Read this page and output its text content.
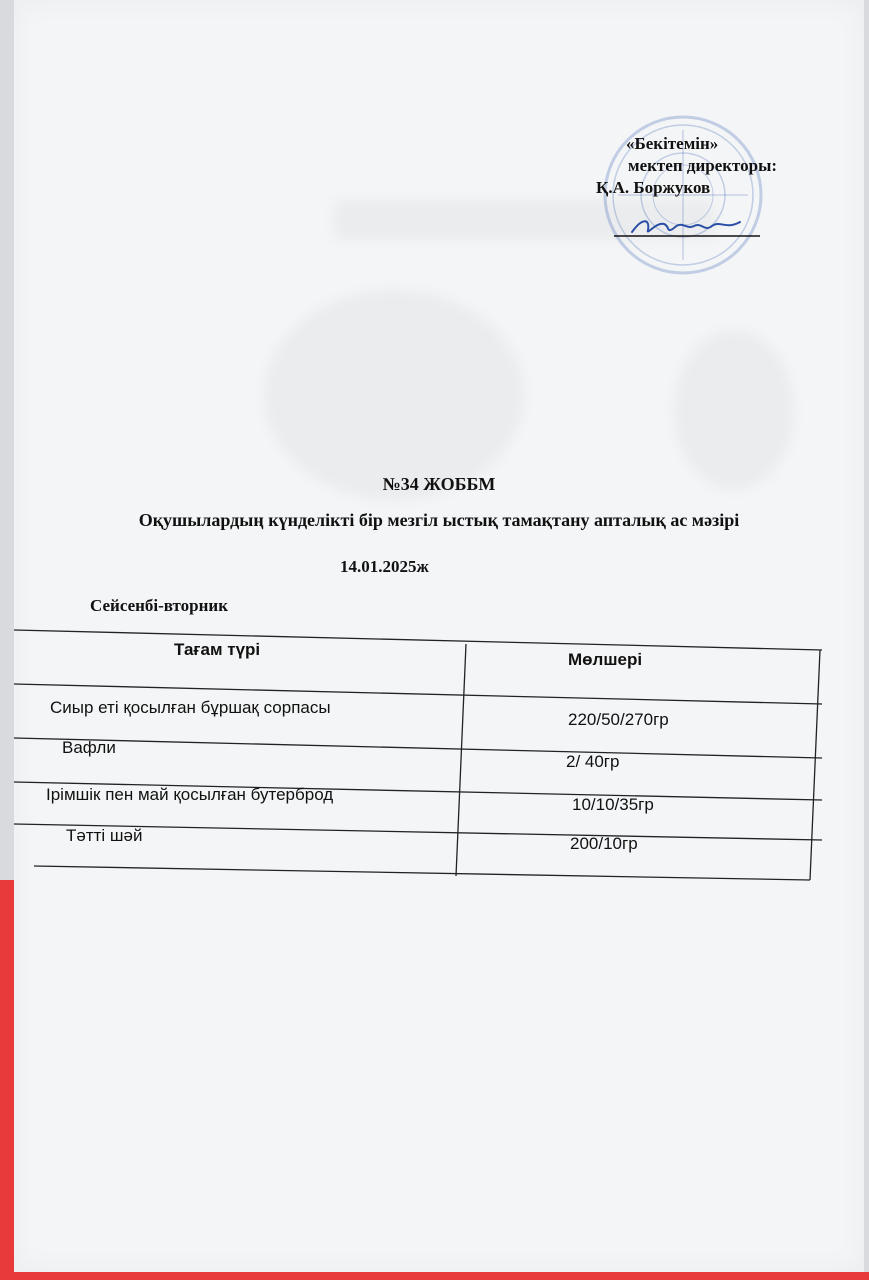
«Бекітемін»
мектеп директоры:
Қ.А. Боржуков
№34 ЖОББМ
Оқушылардың күнделікті бір мезгіл ыстық тамақтану апталық ас мәзірі
14.01.2025ж
Сейсенбі-вторник
Тағам түрі
Мөлшері
Сиыр еті қосылған бұршақ сорпасы
220/50/270гр
Вафли
2/ 40гр
Ірімшік пен май қосылған бутерброд
10/10/35гр
Тәтті шәй	200/10гр
